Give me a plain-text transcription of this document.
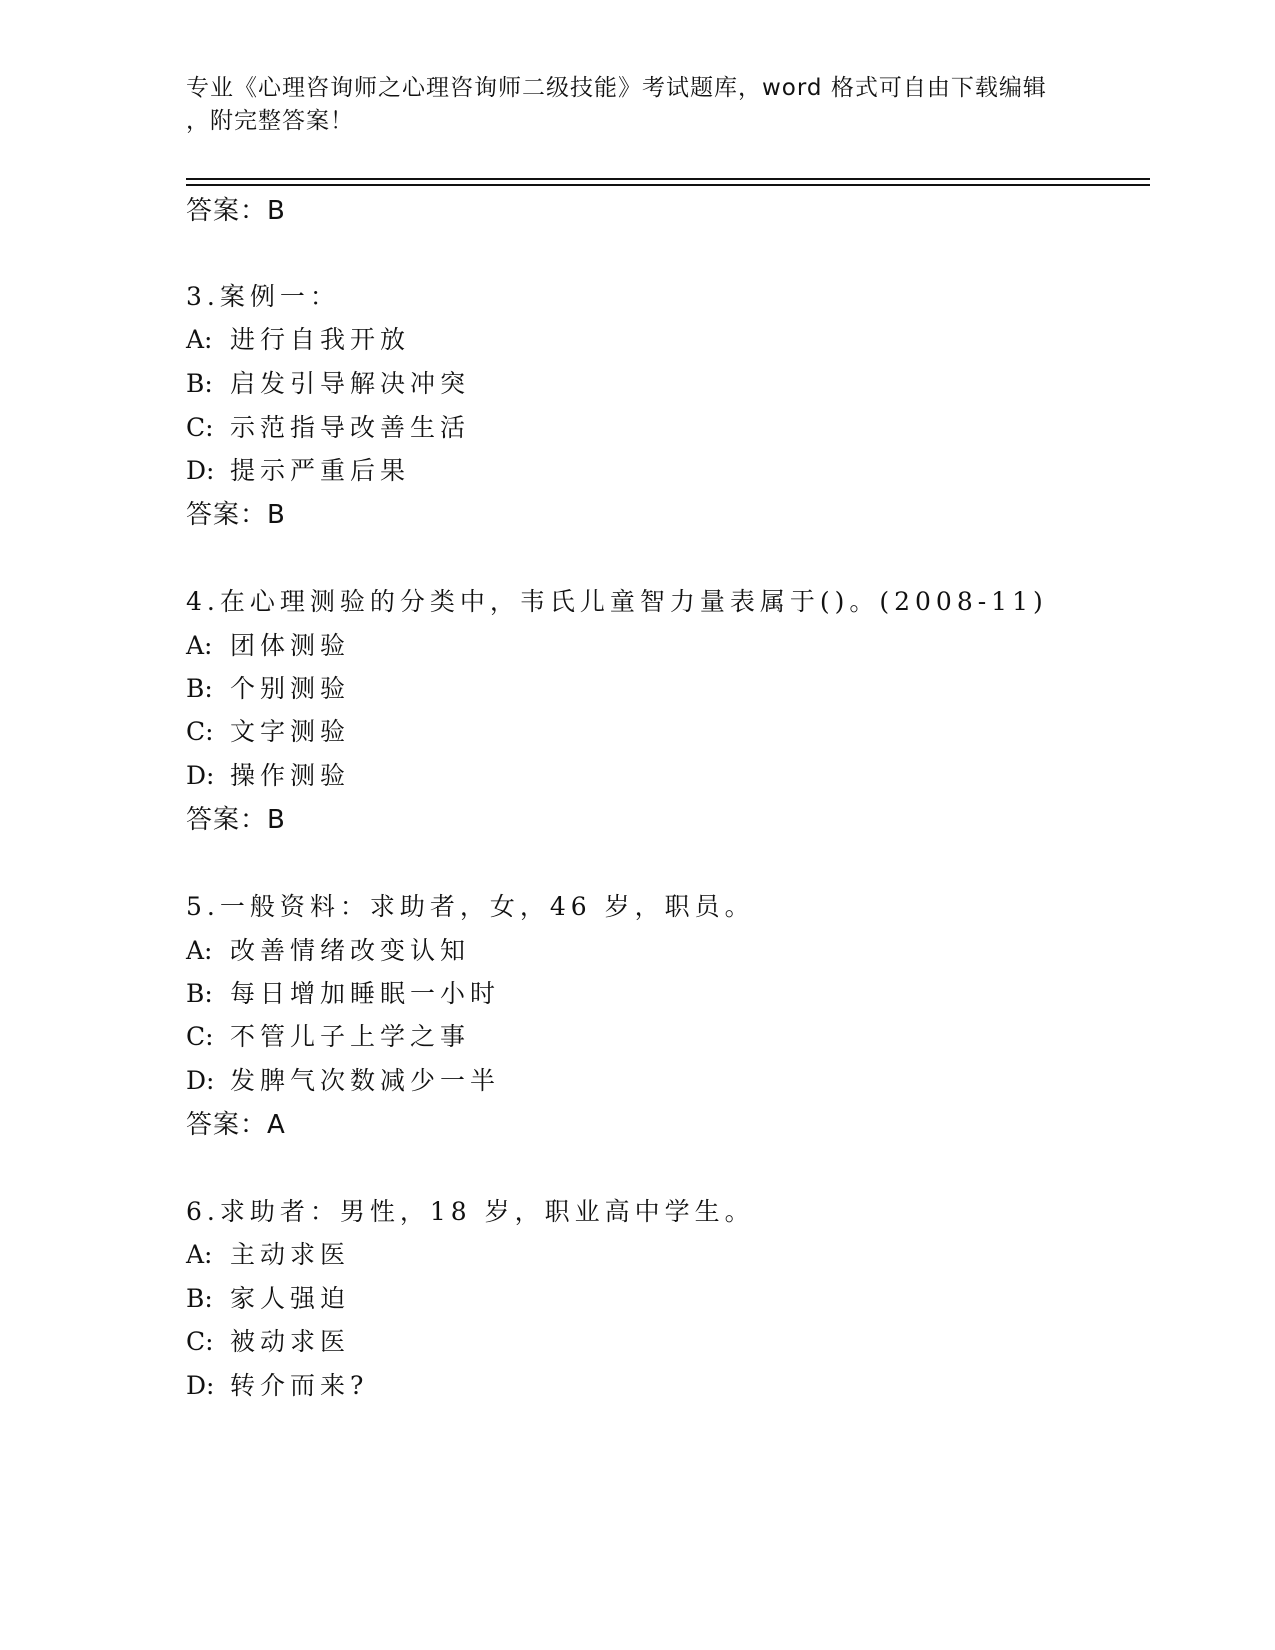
专业《心理咨询师之心理咨询师二级技能》考试题库，word 格式可自由下载编辑
，附完整答案！
答案：B
3.案例一：
A: 进行自我开放
B: 启发引导解决冲突
C: 示范指导改善生活
D: 提示严重后果
答案：B
4.在心理测验的分类中，韦氏儿童智力量表属于()。(2008-11)
A: 团体测验
B: 个别测验
C: 文字测验
D: 操作测验
答案：B
5.一般资料：求助者，女，46 岁，职员。
A: 改善情绪改变认知
B: 每日增加睡眠一小时
C: 不管儿子上学之事
D: 发脾气次数减少一半
答案：A
6.求助者：男性，18 岁，职业高中学生。
A: 主动求医
B: 家人强迫
C: 被动求医
D: 转介而来?
